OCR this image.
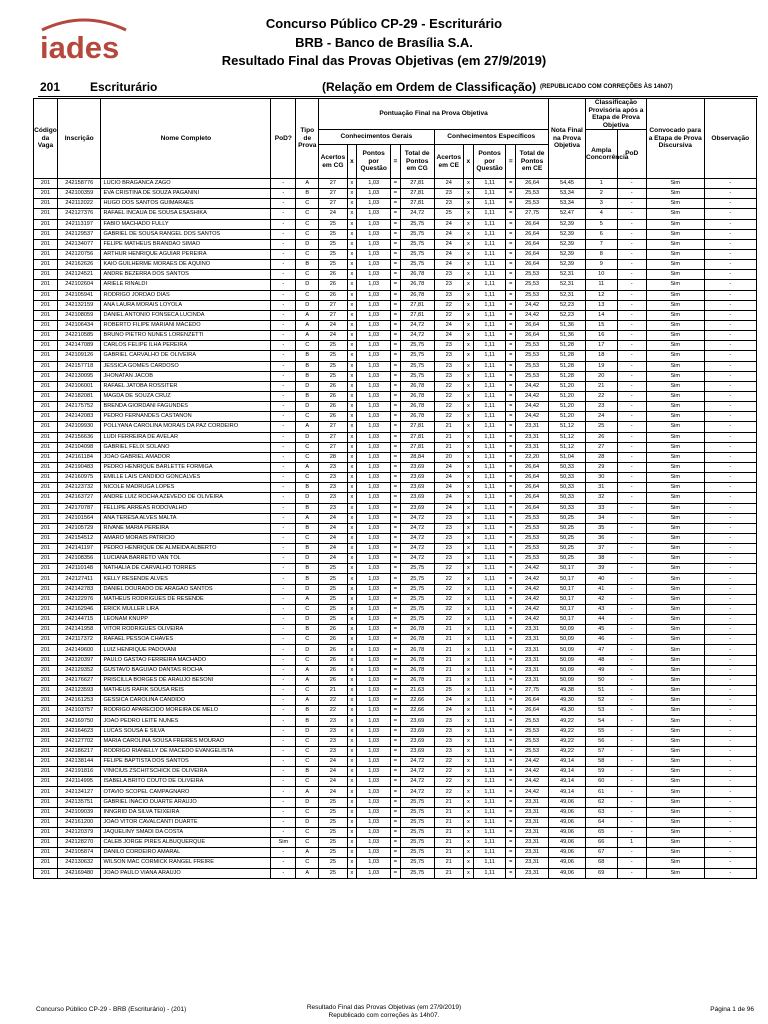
iades
Concurso Público CP-29 - Escriturário
BRB - Banco de Brasília S.A.
Resultado Final das Provas Objetivas (em 27/9/2019)
201 Escriturário	(Relação em Ordem de Classificação) (REPUBLICADO COM CORREÇÕES ÀS 14h07)
Código da Vaga	Inscrição	Nome Completo	PoD?	Tipo de Prova	Pontuação Final na Prova Objetiva										Nota Final na Prova Objetiva	Classificação Provisória após a Etapa de Prova Objetiva		Convocado para a Etapa de Prova Discursiva	Observação
					Conhecimentos Gerais					Conhecimentos Específicos						Ampla Concorrência	PoD		
					Acertos em CG	x	Pontos por Questão	=	Total de Pontos em CG	Acertos em CE	x	Pontos por Questão	=	Total de Pontos em CE					
201	242158776	LUCIO BRAGANCA ZAGO	-	A	27	x	1,03	=	27,81	24	x	1,11	=	26,64	54,45	1	-	Sim	-
201	242100359	EVA CRISTINA DE SOUZA PAGANINI	-	B	27	x	1,03	=	27,81	23	x	1,11	=	25,53	53,34	2	-	Sim	-
201	242112022	HUGO DOS SANTOS GUIMARAES	-	C	27	x	1,03	=	27,81	23	x	1,11	=	25,53	53,34	3	-	Sim	-
201	242127376	RAFAEL INCAUA DE SOUSA ESASHIKA	-	C	24	x	1,03	=	24,72	25	x	1,11	=	27,75	52,47	4	-	Sim	-
201	242113197	FABIO MACHADO FULLY	-	C	25	x	1,03	=	25,75	24	x	1,11	=	26,64	52,39	5	-	Sim	-
201	242129537	GABRIEL DE SOUSA RANGEL DOS SANTOS	-	C	25	x	1,03	=	25,75	24	x	1,11	=	26,64	52,39	6	-	Sim	-
201	242134077	FELIPE MATHEUS BRANDAO SIMAO	-	D	25	x	1,03	=	25,75	24	x	1,11	=	26,64	52,39	7	-	Sim	-
201	242120756	ARTHUR HENRIQUE AGUIAR PEREIRA	-	C	25	x	1,03	=	25,75	24	x	1,11	=	26,64	52,39	8	-	Sim	-
201	242162626	KAIO GUILHERME MORAES DE AQUINO	-	B	25	x	1,03	=	25,75	24	x	1,11	=	26,64	52,39	9	-	Sim	-
201	242124521	ANDRE BEZERRA DOS SANTOS	-	C	26	x	1,03	=	26,78	23	x	1,11	=	25,53	52,31	10	-	Sim	-
201	242102604	ARIELE RINALDI	-	D	26	x	1,03	=	26,78	23	x	1,11	=	25,53	52,31	11	-	Sim	-
201	242105941	RODRIGO JORDAO DIAS	-	C	26	x	1,03	=	26,78	23	x	1,11	=	25,53	52,31	12	-	Sim	-
201	242132159	ANA LAURA MORAIS LOYOLA	-	D	27	x	1,03	=	27,81	22	x	1,11	=	24,42	52,23	13	-	Sim	-
201	242108059	DANIEL ANTONIO FONSECA LUCINDA	-	A	27	x	1,03	=	27,81	22	x	1,11	=	24,42	52,23	14	-	Sim	-
201	242106434	ROBERTO FILIPE MARIANI MACEDO	-	A	24	x	1,03	=	24,72	24	x	1,11	=	26,64	51,36	15	-	Sim	-
201	242210585	BRUNO PIETRO NUNES LORENZETTI	-	A	24	x	1,03	=	24,72	24	x	1,11	=	26,64	51,36	16	-	Sim	-
201	242147089	CARLOS FELIPE ILHA PEREIRA	-	C	25	x	1,03	=	25,75	23	x	1,11	=	25,53	51,28	17	-	Sim	-
201	242109126	GABRIEL CARVALHO DE OLIVEIRA	-	B	25	x	1,03	=	25,75	23	x	1,11	=	25,53	51,28	18	-	Sim	-
201	242157718	JESSICA GOMES CARDOSO	-	B	25	x	1,03	=	25,75	23	x	1,11	=	25,53	51,28	19	-	Sim	-
201	242130095	JHONATAN JACOB	-	B	25	x	1,03	=	25,75	23	x	1,11	=	25,53	51,28	20	-	Sim	-
201	242106001	RAFAEL JATOBA ROSSITER	-	D	26	x	1,03	=	26,78	22	x	1,11	=	24,42	51,20	21	-	Sim	-
201	242182081	MAGDA DE SOUZA CRUZ	-	B	26	x	1,03	=	26,78	22	x	1,11	=	24,42	51,20	22	-	Sim	-
201	242175752	BRENDA GIORDANI FAGUNDES	-	D	26	x	1,03	=	26,78	22	x	1,11	=	24,42	51,20	23	-	Sim	-
201	242142083	PEDRO FERNANDES CASTANON	-	C	26	x	1,03	=	26,78	22	x	1,11	=	24,42	51,20	24	-	Sim	-
201	242109930	POLLYANA CAROLINA MORAIS DA PAZ CORDEIRO	-	A	27	x	1,03	=	27,81	21	x	1,11	=	23,31	51,12	25	-	Sim	-
201	242156636	LUDI FERREIRA DE AVELAR	-	D	27	x	1,03	=	27,81	21	x	1,11	=	23,31	51,12	26	-	Sim	-
201	242104098	GABRIEL FELIX SOLANO	-	C	27	x	1,03	=	27,81	21	x	1,11	=	23,31	51,12	27	-	Sim	-
201	242161184	JOAO GABRIEL AMADOR	-	C	28	x	1,03	=	28,84	20	x	1,11	=	22,20	51,04	28	-	Sim	-
201	242190483	PEDRO HENRIQUE BARLETTE FORMIGA	-	A	23	x	1,03	=	23,69	24	x	1,11	=	26,64	50,33	29	-	Sim	-
201	242160975	EMILLE LAIS CANDIDO GONCALVES	-	C	23	x	1,03	=	23,69	24	x	1,11	=	26,64	50,33	30	-	Sim	-
201	242123732	NICOLE MADRUGA LOPES	-	B	23	x	1,03	=	23,69	24	x	1,11	=	26,64	50,33	31	-	Sim	-
201	242163727	ANDRE LUIZ ROCHA AZEVEDO DE OLIVEIRA	-	D	23	x	1,03	=	23,69	24	x	1,11	=	26,64	50,33	32	-	Sim	-
201	242170787	FELLIPE ARREAS RODOVALHO	-	B	23	x	1,03	=	23,69	24	x	1,11	=	26,64	50,33	33	-	Sim	-
201	242101564	ANA TERESA ALVES MALTA	-	A	24	x	1,03	=	24,72	23	x	1,11	=	25,53	50,25	34	-	Sim	-
201	242105729	RIVANE MARIA PEREIRA	-	B	24	x	1,03	=	24,72	23	x	1,11	=	25,53	50,25	35	-	Sim	-
201	242154512	AMARO MORAIS PATRICIO	-	C	24	x	1,03	=	24,72	23	x	1,11	=	25,53	50,25	36	-	Sim	-
201	242141197	PEDRO HENRIQUE DE ALMEIDA ALBERTO	-	B	24	x	1,03	=	24,72	23	x	1,11	=	25,53	50,25	37	-	Sim	-
201	242108356	LUCIANA BARRETO VAN TOL	-	D	24	x	1,03	=	24,72	23	x	1,11	=	25,53	50,25	38	-	Sim	-
201	242110148	NATHALIA DE CARVALHO TORRES	-	B	25	x	1,03	=	25,75	22	x	1,11	=	24,42	50,17	39	-	Sim	-
201	242127411	KELLY RESENDE ALVES	-	B	25	x	1,03	=	25,75	22	x	1,11	=	24,42	50,17	40	-	Sim	-
201	242142783	DANIEL DOURADO DE ARAGAO SANTOS	-	D	25	x	1,03	=	25,75	22	x	1,11	=	24,42	50,17	41	-	Sim	-
201	242122976	MATHEUS RODRIGUES DE RESENDE	-	A	25	x	1,03	=	25,75	22	x	1,11	=	24,42	50,17	42	-	Sim	-
201	242162946	ERICK MULLER LIRA	-	C	25	x	1,03	=	25,75	22	x	1,11	=	24,42	50,17	43	-	Sim	-
201	242144715	LEONAM KNUPP	-	D	25	x	1,03	=	25,75	22	x	1,11	=	24,42	50,17	44	-	Sim	-
201	242141958	VITOR RODRIGUES OLIVEIRA	-	B	26	x	1,03	=	26,78	21	x	1,11	=	23,31	50,09	45	-	Sim	-
201	242117372	RAFAEL PESSOA CHAVES	-	C	26	x	1,03	=	26,78	21	x	1,11	=	23,31	50,09	46	-	Sim	-
201	242149600	LUIZ HENRIQUE PADOVANI	-	D	26	x	1,03	=	26,78	21	x	1,11	=	23,31	50,09	47	-	Sim	-
201	242120397	PAULO GASTAO FERREIRA MACHADO	-	C	26	x	1,03	=	26,78	21	x	1,11	=	23,31	50,09	48	-	Sim	-
201	242129352	GUSTAVO BAGUIAO DANTAS ROCHA	-	A	26	x	1,03	=	26,78	21	x	1,11	=	23,31	50,09	49	-	Sim	-
201	242176627	PRISCILLA BORGES DE ARAUJO BESONI	-	A	26	x	1,03	=	26,78	21	x	1,11	=	23,31	50,09	50	-	Sim	-
201	242123593	MATHEUS RAFIK SOUSA REIS	-	C	21	x	1,03	=	21,63	25	x	1,11	=	27,75	49,38	51	-	Sim	-
201	242161253	GESSICA CAROLINA CANDIDO	-	A	22	x	1,03	=	22,66	24	x	1,11	=	26,64	49,30	52	-	Sim	-
201	242103757	RODRIGO APARECIDO MOREIRA DE MELO	-	B	22	x	1,03	=	22,66	24	x	1,11	=	26,64	49,30	53	-	Sim	-
201	242169750	JOAO PEDRO LEITE NUNES	-	B	23	x	1,03	=	23,69	23	x	1,11	=	25,53	49,22	54	-	Sim	-
201	242164623	LUCAS SOUSA E SILVA	-	D	23	x	1,03	=	23,69	23	x	1,11	=	25,53	49,22	55	-	Sim	-
201	242127702	MARIA CAROLINA SOUSA FREIRES MOURAO	-	C	23	x	1,03	=	23,69	23	x	1,11	=	25,53	49,22	56	-	Sim	-
201	242186217	RODRIGO RIANELLY DE MACEDO EVANGELISTA	-	C	23	x	1,03	=	23,69	23	x	1,11	=	25,53	49,22	57	-	Sim	-
201	242138144	FELIPE BAPTISTA DOS SANTOS	-	C	24	x	1,03	=	24,72	22	x	1,11	=	24,42	49,14	58	-	Sim	-
201	242191816	VINICIUS ZSCHITSCHICK DE OLIVEIRA	-	B	24	x	1,03	=	24,72	22	x	1,11	=	24,42	49,14	59	-	Sim	-
201	242114995	ISABELA BRITO COUTO DE OLIVEIRA	-	C	24	x	1,03	=	24,72	22	x	1,11	=	24,42	49,14	60	-	Sim	-
201	242134127	OTAVIO SCOPEL CAMPAGNARO	-	A	24	x	1,03	=	24,72	22	x	1,11	=	24,42	49,14	61	-	Sim	-
201	242135751	GABRIEL INACIO DUARTE ARAUJO	-	D	25	x	1,03	=	25,75	21	x	1,11	=	23,31	49,06	62	-	Sim	-
201	242109039	INNGRID DA SILVA TEIXEIRA	-	C	25	x	1,03	=	25,75	21	x	1,11	=	23,31	49,06	63	-	Sim	-
201	242161200	JOAO VITOR CAVALCANTI DUARTE	-	D	25	x	1,03	=	25,75	21	x	1,11	=	23,31	49,06	64	-	Sim	-
201	242120379	JAQUELINY SMADI DA COSTA	-	C	25	x	1,03	=	25,75	21	x	1,11	=	23,31	49,06	65	-	Sim	-
201	242128270	CALEB JORGE PIRES ALBUQUERQUE	Sim	C	25	x	1,03	=	25,75	21	x	1,11	=	23,31	49,06	66	1	Sim	-
201	242105874	DANILO CORDEIRO AMARAL	-	A	25	x	1,03	=	25,75	21	x	1,11	=	23,31	49,06	67	-	Sim	-
201	242130632	WILSON MAC CORMICK RANGEL FREIRE	-	C	25	x	1,03	=	25,75	21	x	1,11	=	23,31	49,06	68	-	Sim	-
201	242169480	JOAO PAULO VIANA ARAUJO	-	A	25	x	1,03	=	25,75	21	x	1,11	=	23,31	49,06	69	-	Sim	-
Concurso Público CP-29 - BRB (Escriturário) - (201)	Resultado Final das Provas Objetivas (em 27/9/2019)
Republicado com correções às 14h07.
Página 1 de 96
